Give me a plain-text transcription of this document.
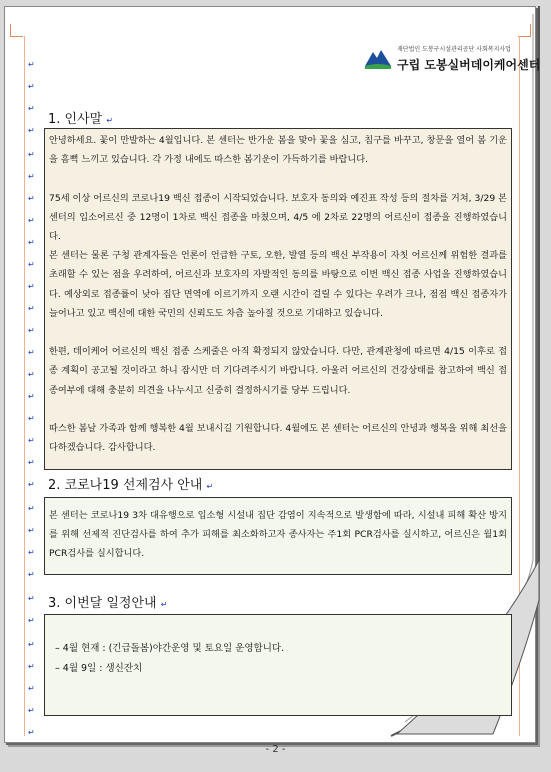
재단법인 도봉구시설관리공단 사회복지사업
구립 도봉실버데이케어센터
1. 인사말 ↵

안녕하세요. 꽃이 만발하는 4월입니다. 본 센터는 반가운 봄을 맞아 꽃을 심고, 침구를 바꾸고, 창문을 열어 봄 기운을 흠뻑 느끼고 있습니다. 각 가정 내에도 따스한 봄기운이 가득하기를 바랍니다.

75세 이상 어르신의 코로나19 백신 접종이 시작되었습니다. 보호자 동의와 예진표 작성 등의 절차를 거쳐, 3/29 본 센터의 입소어르신 중 12명이 1차로 백신 접종을 마쳤으며, 4/5 에 2차로 22명의 어르신이 접종을 진행하였습니다.

본 센터는 물론 구청 관계자들은 언론이 언급한 구토, 오한, 발열 등의 백신 부작용이 자칫 어르신께 위험한 결과를 초래할 수 있는 점을 우려하여, 어르신과 보호자의 자발적인 동의를 바탕으로 이번 백신 접종 사업을 진행하였습니다. 예상외로 접종률이 낮아 집단 면역에 이르기까지 오랜 시간이 걸릴 수 있다는 우려가 크나, 점점 백신 접종자가 늘어나고 있고 백신에 대한 국민의 신뢰도도 차츰 높아질 것으로 기대하고 있습니다.

한편, 데이케어 어르신의 백신 접종 스케줄은 아직 확정되지 않았습니다. 다만, 관계관청에 따르면 4/15 이후로 접종 계획이 공고될 것이라고 하니 잠시만 더 기다려주시기 바랍니다. 아울러 어르신의 건강상태를 참고하여 백신 접종여부에 대해 충분히 의견을 나누시고 신중히 결정하시기를 당부 드립니다.

따스한 봄날 가족과 함께 행복한 4월 보내시길 기원합니다. 4월에도 본 센터는 어르신의 안녕과 행복을 위해 최선을 다하겠습니다. 감사합니다.

2. 코로나19 선제검사 안내 ↵

본 센터는 코로나19 3차 대유행으로 입소형 시설내 집단 감염이 지속적으로 발생함에 따라, 시설내 피해 확산 방지를 위해 선제적 진단검사를 하여 추가 피해를 최소화하고자 종사자는 주1회 PCR검사를 실시하고, 어르신은 월1회 PCR검사를 실시합니다.

3. 이번달 일정안내 ↵
– 4월 현재 : (긴급돌봄)야간운영 및 토요일 운영합니다.
– 4월 9일 : 생신잔치
- 2 -
↵
↵
↵
↵
↵
↵
↵
↵
↵
↵
↵
↵
↵
↵
↵
↵
↵
↵
↵
↵
↵
↵
↵
↵
↵
↵
↵
↵
↵
↵
↵
